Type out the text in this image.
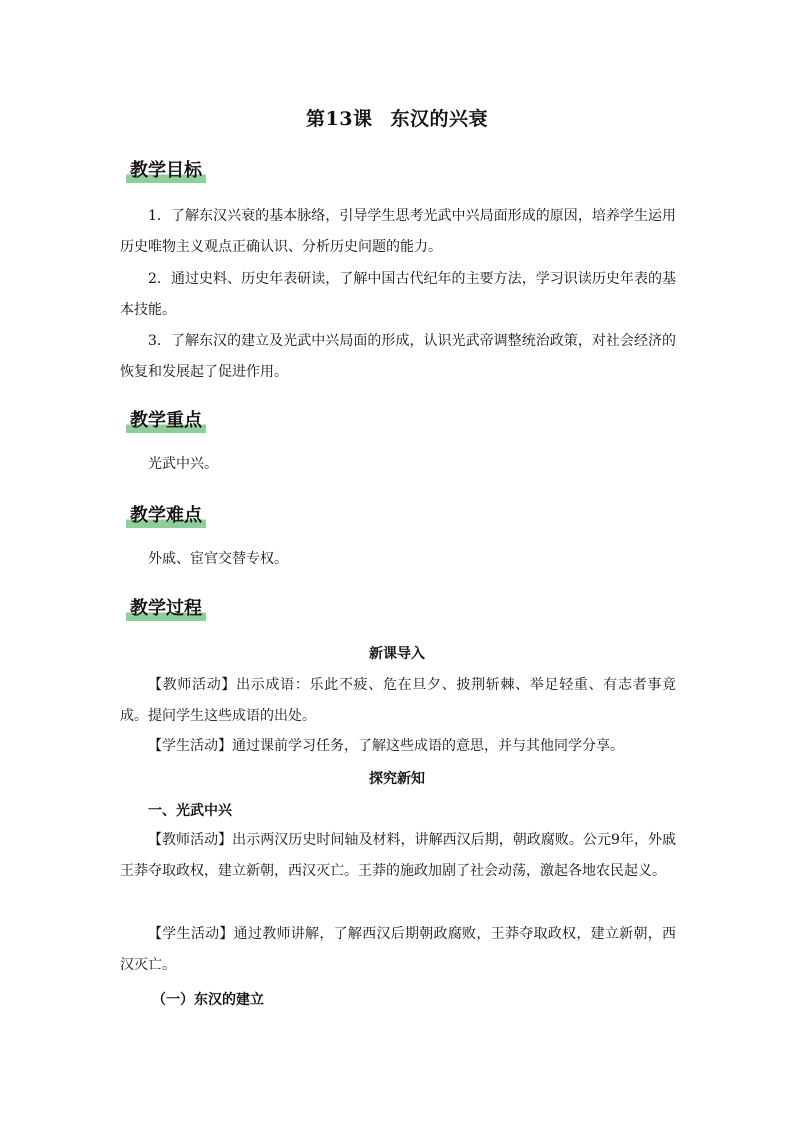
第13课 东汉的兴衰
教学目标
1．了解东汉兴衰的基本脉络，引导学生思考光武中兴局面形成的原因，培养学生运用历史唯物主义观点正确认识、分析历史问题的能力。
2．通过史料、历史年表研读，了解中国古代纪年的主要方法，学习识读历史年表的基本技能。
3．了解东汉的建立及光武中兴局面的形成，认识光武帝调整统治政策，对社会经济的恢复和发展起了促进作用。
教学重点
光武中兴。
教学难点
外戚、宦官交替专权。
教学过程
新课导入
【教师活动】出示成语：乐此不疲、危在旦夕、披荆斩棘、举足轻重、有志者事竟成。提问学生这些成语的出处。
【学生活动】通过课前学习任务，了解这些成语的意思，并与其他同学分享。
探究新知
一、光武中兴
【教师活动】出示两汉历史时间轴及材料，讲解西汉后期，朝政腐败。公元9年，外戚王莽夺取政权，建立新朝，西汉灭亡。王莽的施政加剧了社会动荡，激起各地农民起义。
【学生活动】通过教师讲解，了解西汉后期朝政腐败，王莽夺取政权，建立新朝，西汉灭亡。
（一）东汉的建立
